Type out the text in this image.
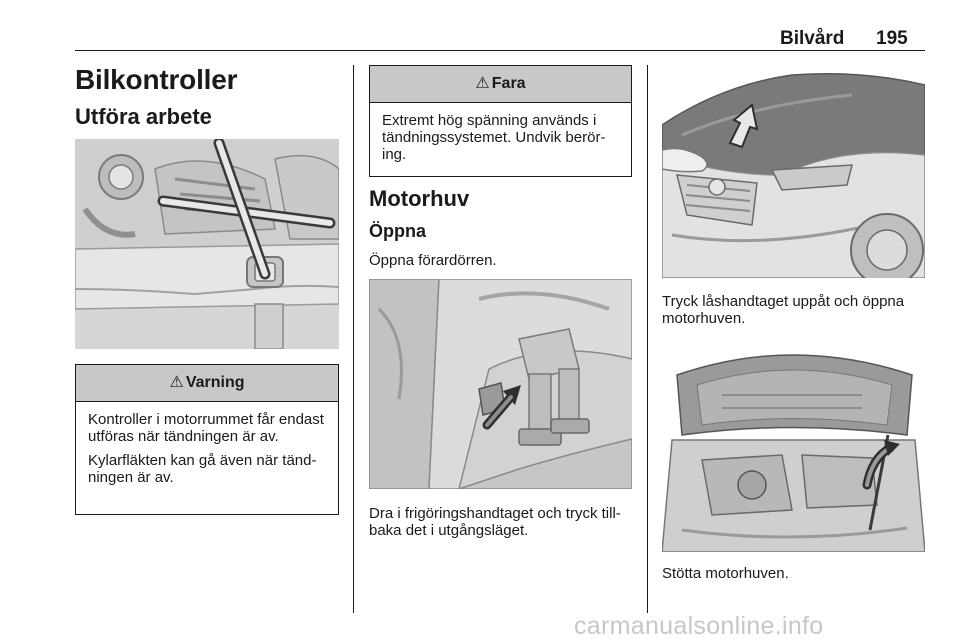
Bilvård 195
Bilkontroller
Utföra arbete
⚠ Varning

Kontroller i motorrummet får endast utföras när tändningen är av.

Kylarfläkten kan gå även när tänd-ningen är av.

⚠ Fara

Extremt hög spänning används i tändningssystemet. Undvik berör-ing.

Motorhuv
Öppna
Öppna förardörren.
Dra i frigöringshandtaget och tryck till-baka det i utgångsläget.
Tryck låshandtaget uppåt och öppna motorhuven.
Stötta motorhuven.
carmanualsonline.info
